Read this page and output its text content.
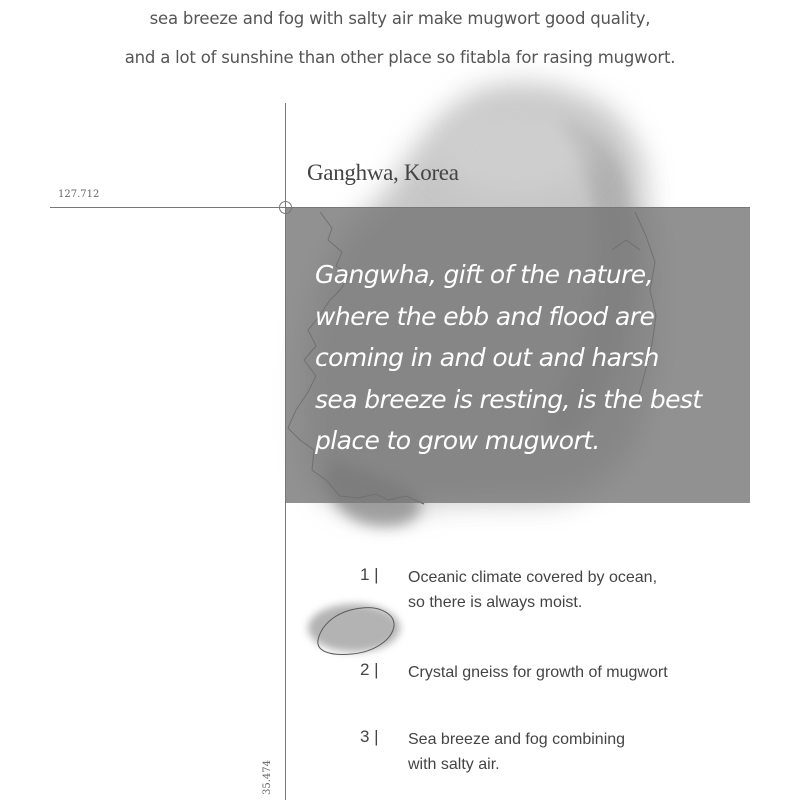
sea breeze and fog with salty air make mugwort good quality,
and a lot of sunshine than other place so fitabla for rasing mugwort.
127.712
35.474
Ganghwa, Korea

Gangwha, gift of the nature,
where the ebb and flood are
coming in and out and harsh
sea breeze is resting, is the best
place to grow mugwort.

1 |	Oceanic climate covered by ocean,
so there is always moist.
2 |	Crystal gneiss for growth of mugwort
3 |	Sea breeze and fog combining
with salty air.
